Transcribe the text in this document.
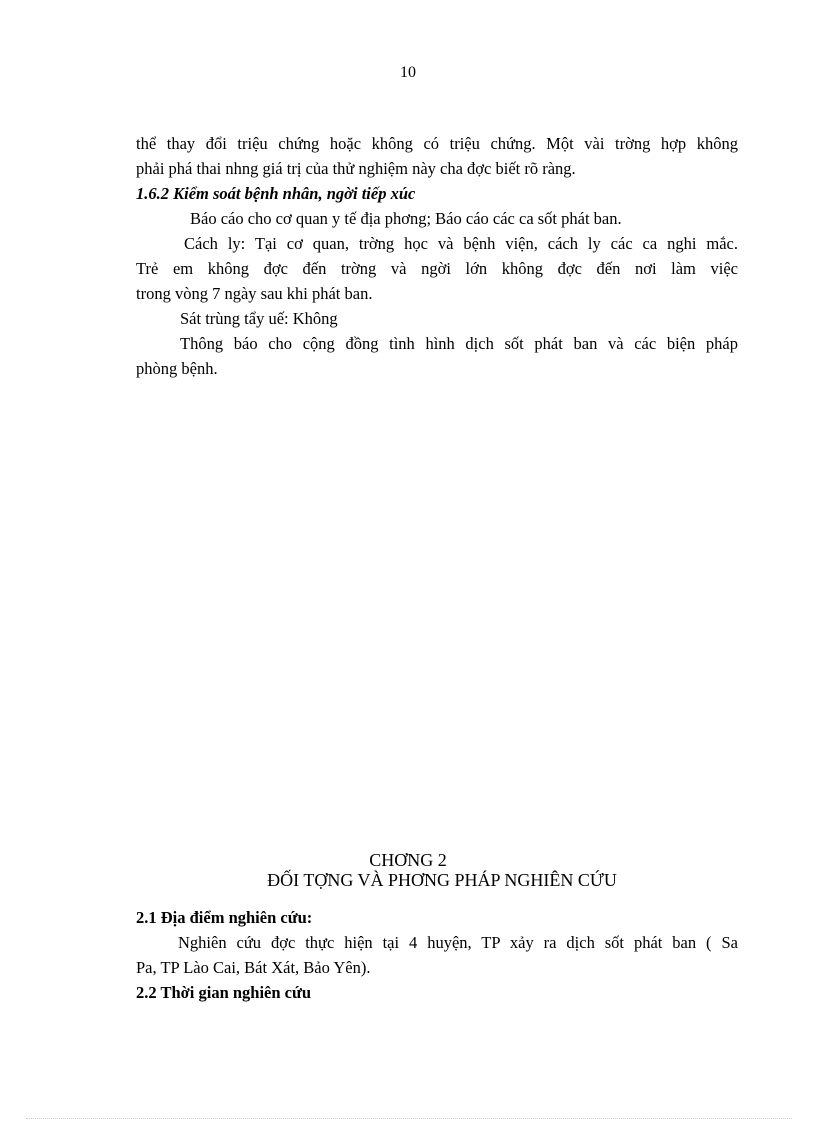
10

thể thay đổi triệu chứng hoặc không có triệu chứng. Một vài trờng hợp không

phải phá thai nhng giá trị của thử nghiệm này cha đợc biết rõ ràng.

1.6.2 Kiểm soát bệnh nhân, ngời tiếp xúc

Báo cáo cho cơ quan y tế địa phơng; Báo cáo các ca sốt phát ban.

Cách ly: Tại cơ quan, trờng học và bệnh viện, cách ly các ca nghi mắc.

Trẻ em không đợc đến trờng và ngời lớn không đợc đến nơi làm việc

trong vòng 7 ngày sau khi phát ban.

Sát trùng tẩy uế: Không

Thông báo cho cộng đồng tình hình dịch sốt phát ban và các biện pháp

phòng bệnh.

CHƠNG 2
ĐỐI TỢNG VÀ PHƠNG PHÁP NGHIÊN CỨU

2.1 Địa điểm nghiên cứu:

Nghiên cứu đợc thực hiện tại 4 huyện, TP xảy ra dịch sốt phát ban ( Sa

Pa, TP Lào Cai, Bát Xát, Bảo Yên).

2.2 Thời gian nghiên cứu
